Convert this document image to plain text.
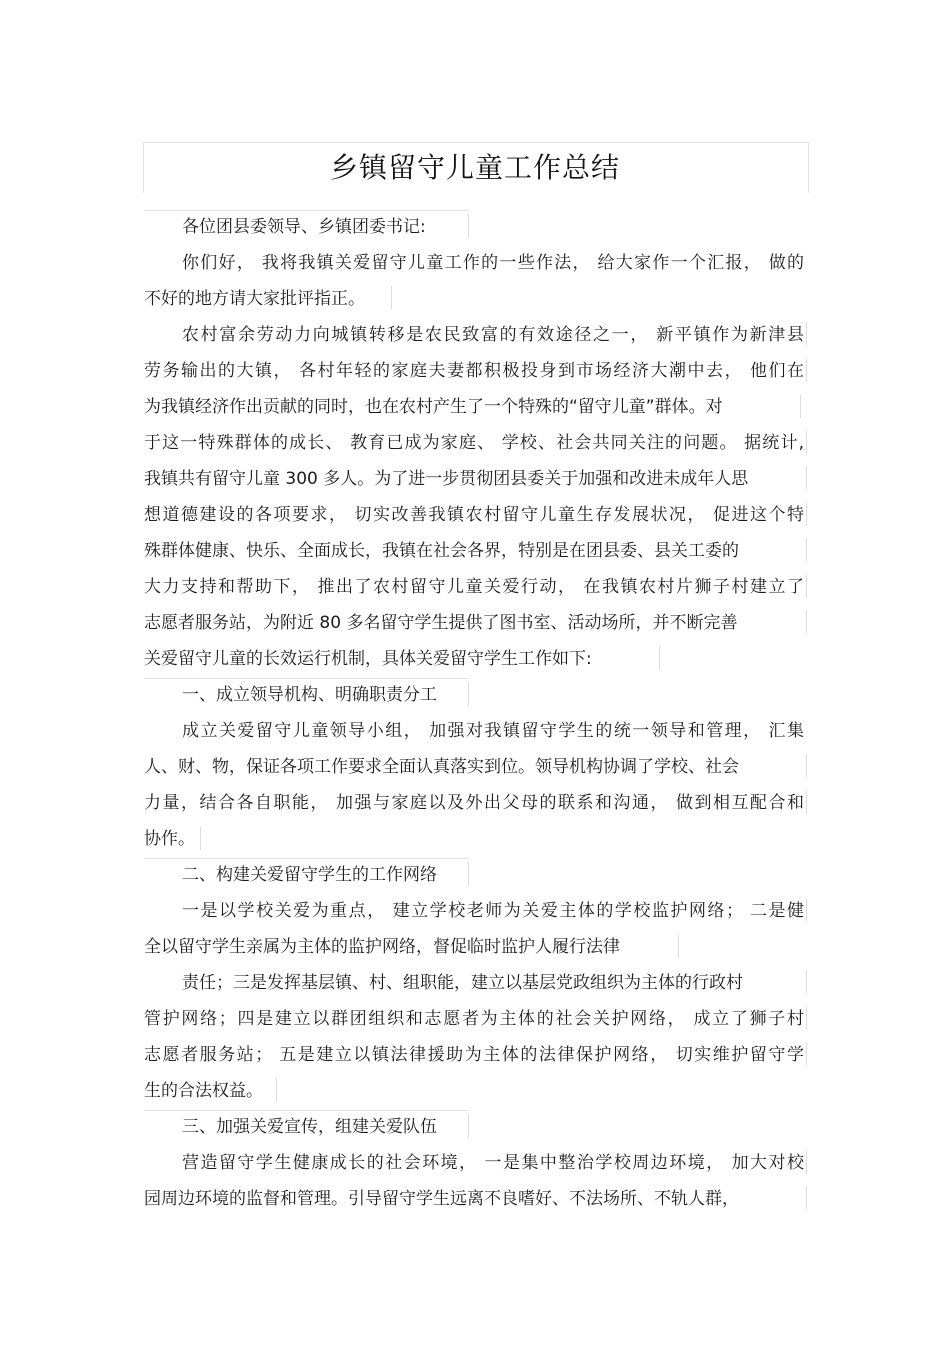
乡镇留守儿童工作总结
各位团县委领导、乡镇团委书记:
你们好， 我将我镇关爱留守儿童工作的一些作法， 给大家作一个汇报， 做的
不好的地方请大家批评指正。
农村富余劳动力向城镇转移是农民致富的有效途径之一， 新平镇作为新津县
劳务输出的大镇， 各村年轻的家庭夫妻都积极投身到市场经济大潮中去， 他们在
为我镇经济作出贡献的同时，也在农村产生了一个特殊的“留守儿童”群体。对
于这一特殊群体的成长、 教育已成为家庭、 学校、社会共同关注的问题。 据统计,
我镇共有留守儿童 300 多人。为了进一步贯彻团县委关于加强和改进未成年人思
想道德建设的各项要求， 切实改善我镇农村留守儿童生存发展状况， 促进这个特
殊群体健康、快乐、全面成长，我镇在社会各界，特别是在团县委、县关工委的
大力支持和帮助下， 推出了农村留守儿童关爱行动， 在我镇农村片狮子村建立了
志愿者服务站，为附近 80 多名留守学生提供了图书室、活动场所，并不断完善
关爱留守儿童的长效运行机制，具体关爱留守学生工作如下:
一、成立领导机构、明确职责分工
成立关爱留守儿童领导小组， 加强对我镇留守学生的统一领导和管理， 汇集
人、财、物，保证各项工作要求全面认真落实到位。领导机构协调了学校、社会
力量，结合各自职能， 加强与家庭以及外出父母的联系和沟通， 做到相互配合和
协作。
二、构建关爱留守学生的工作网络
一是以学校关爱为重点， 建立学校老师为关爱主体的学校监护网络； 二是健
全以留守学生亲属为主体的监护网络，督促临时监护人履行法律
责任；三是发挥基层镇、村、组职能，建立以基层党政组织为主体的行政村
管护网络；四是建立以群团组织和志愿者为主体的社会关护网络， 成立了狮子村
志愿者服务站； 五是建立以镇法律援助为主体的法律保护网络， 切实维护留守学
生的合法权益。
三、加强关爱宣传，组建关爱队伍
营造留守学生健康成长的社会环境， 一是集中整治学校周边环境， 加大对校
园周边环境的监督和管理。引导留守学生远离不良嗜好、不法场所、不轨人群，
